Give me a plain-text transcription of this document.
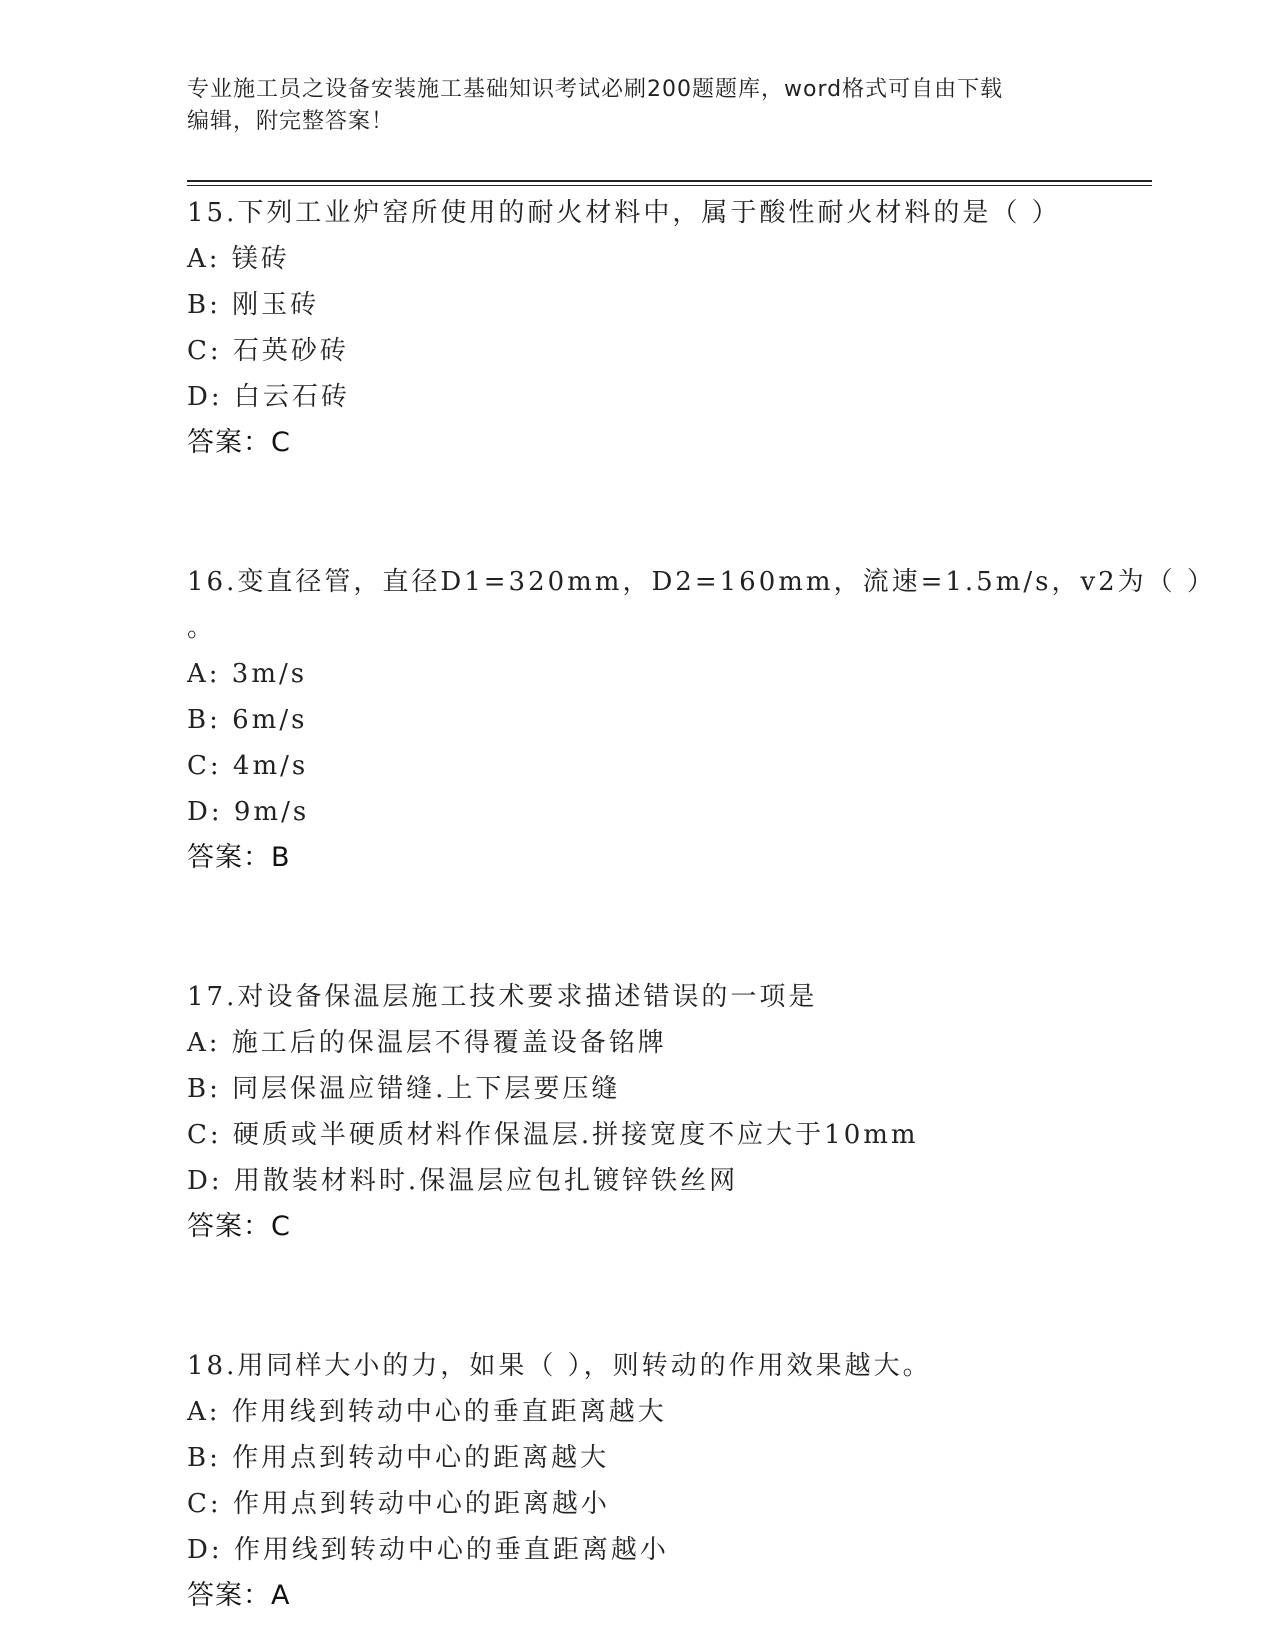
专业施工员之设备安装施工基础知识考试必刷200题题库，word格式可自由下载
编辑，附完整答案！
15.下列工业炉窑所使用的耐火材料中，属于酸性耐火材料的是（ ）
A: 镁砖
B: 刚玉砖
C: 石英砂砖
D: 白云石砖
答案：C
16.变直径管，直径D1=320mm，D2=160mm，流速=1.5m/s，v2为（ ）
。
A: 3m/s
B: 6m/s
C: 4m/s
D: 9m/s
答案：B
17.对设备保温层施工技术要求描述错误的一项是
A: 施工后的保温层不得覆盖设备铭牌
B: 同层保温应错缝.上下层要压缝
C: 硬质或半硬质材料作保温层.拼接宽度不应大于10mm
D: 用散装材料时.保温层应包扎镀锌铁丝网
答案：C
18.用同样大小的力，如果（ ），则转动的作用效果越大。
A: 作用线到转动中心的垂直距离越大
B: 作用点到转动中心的距离越大
C: 作用点到转动中心的距离越小
D: 作用线到转动中心的垂直距离越小
答案：A
